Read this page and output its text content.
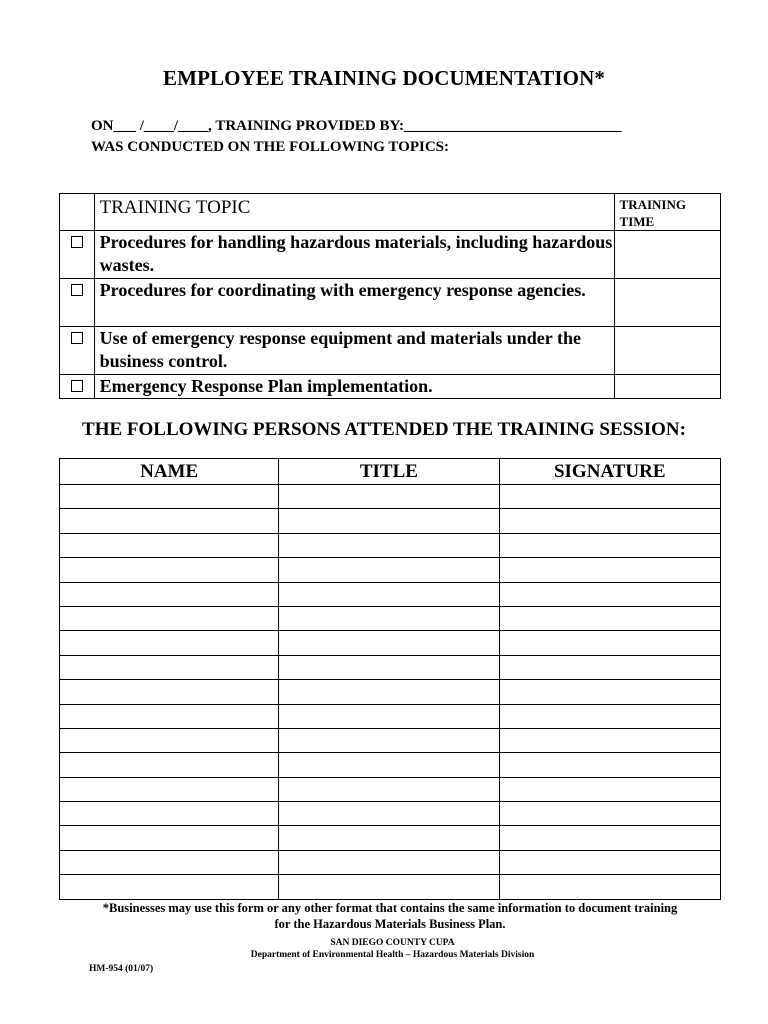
EMPLOYEE TRAINING DOCUMENTATION*
ON___ /____/____, TRAINING PROVIDED BY:_____________________________
WAS CONDUCTED ON THE FOLLOWING TOPICS:
	TRAINING TOPIC	TRAINING
TIME

	Procedures for handling hazardous materials, including hazardous wastes.	
	Procedures for coordinating with emergency response agencies.	
	Use of emergency response equipment and materials under the business control.	
	Emergency Response Plan implementation.	
THE FOLLOWING PERSONS ATTENDED THE TRAINING SESSION:
NAME	TITLE	SIGNATURE

*Businesses may use this form or any other format that contains the same information to document training
for the Hazardous Materials Business Plan.
SAN DIEGO COUNTY CUPA
Department of Environmental Health – Hazardous Materials Division
HM-954 (01/07)
